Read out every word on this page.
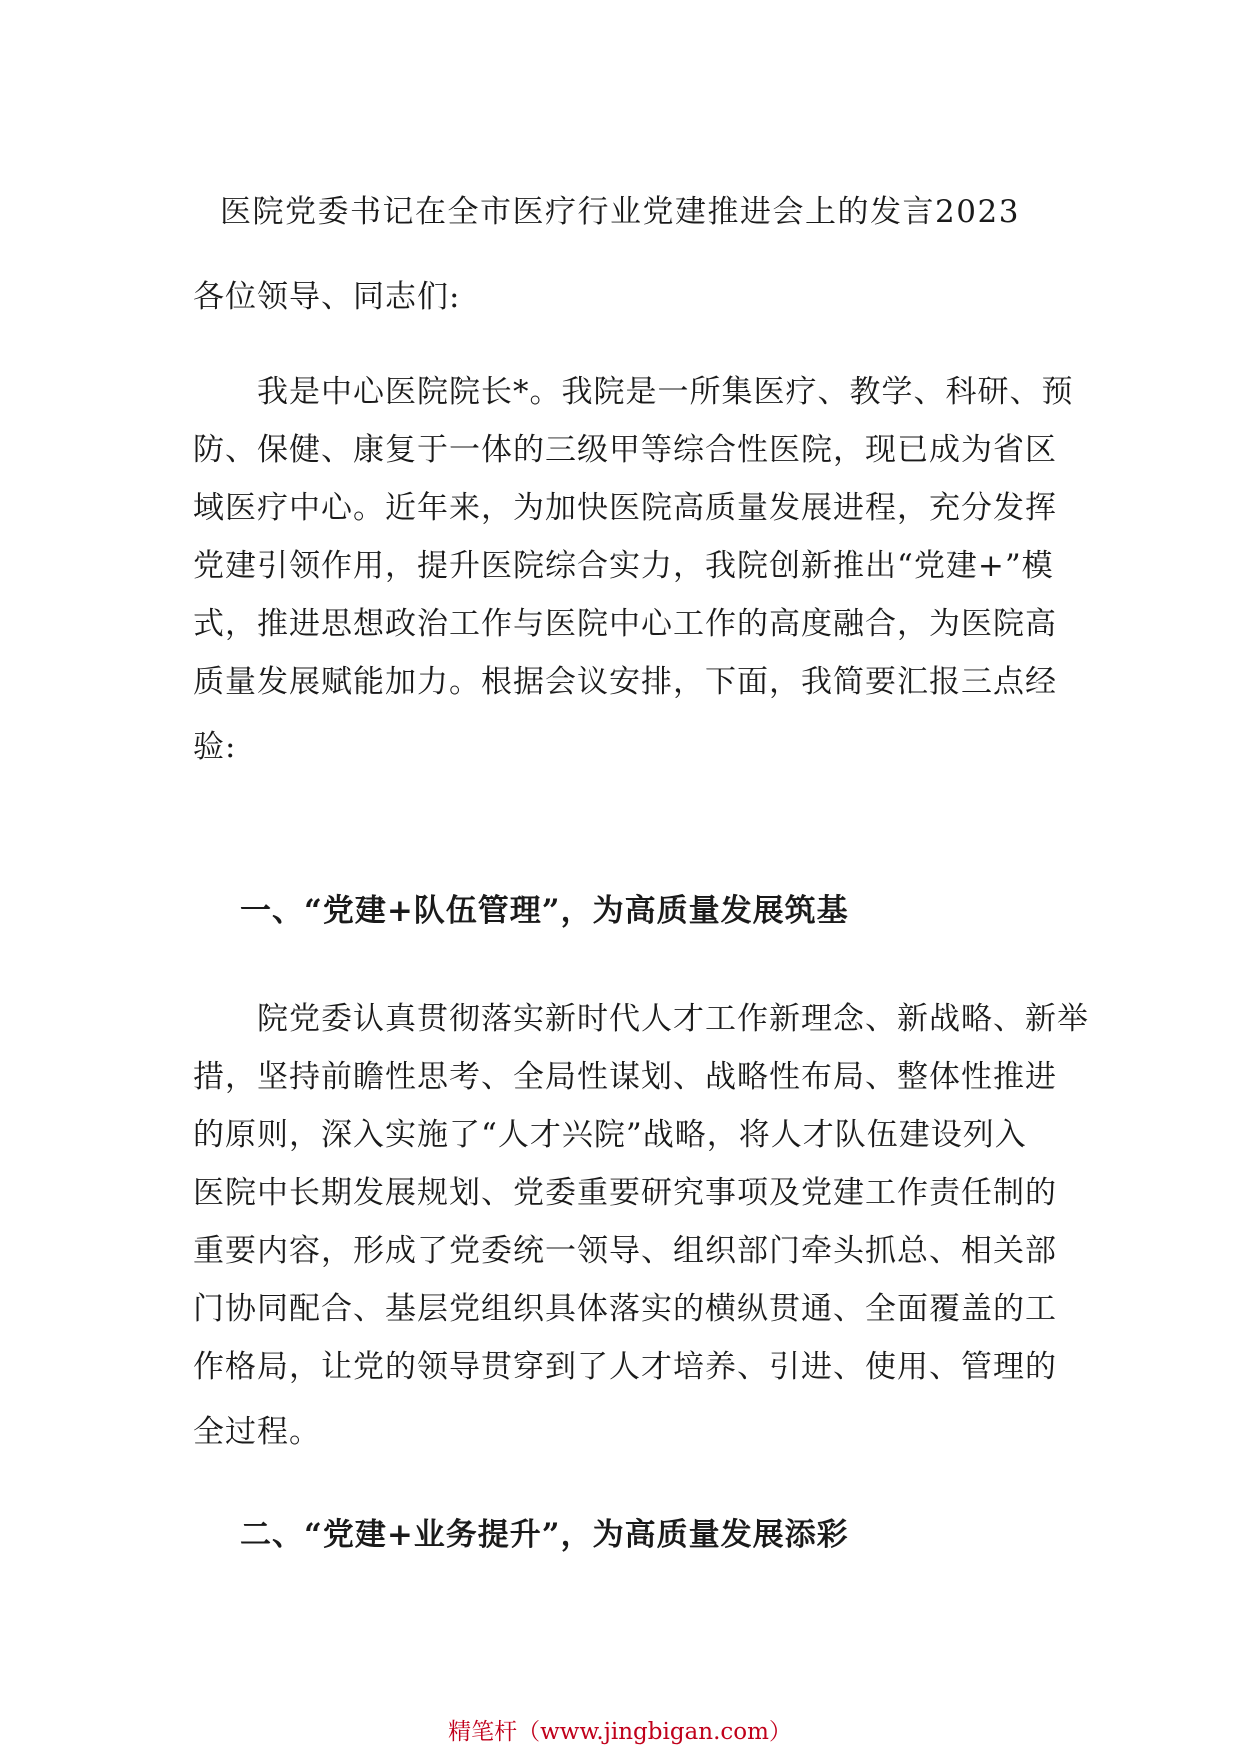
医院党委书记在全市医疗行业党建推进会上的发言2023
各位领导、同志们:
　　我是中心医院院长*。我院是一所集医疗、教学、科研、预
防、保健、康复于一体的三级甲等综合性医院，现已成为省区
域医疗中心。近年来，为加快医院高质量发展进程，充分发挥
党建引领作用，提升医院综合实力，我院创新推出“党建+”模
式，推进思想政治工作与医院中心工作的高度融合，为医院高
质量发展赋能加力。根据会议安排，下面，我简要汇报三点经
验:
一、“党建+队伍管理”，为高质量发展筑基
　　院党委认真贯彻落实新时代人才工作新理念、新战略、新举
措，坚持前瞻性思考、全局性谋划、战略性布局、整体性推进
的原则，深入实施了“人才兴院”战略，将人才队伍建设列入
医院中长期发展规划、党委重要研究事项及党建工作责任制的
重要内容，形成了党委统一领导、组织部门牵头抓总、相关部
门协同配合、基层党组织具体落实的横纵贯通、全面覆盖的工
作格局，让党的领导贯穿到了人才培养、引进、使用、管理的
全过程。
二、“党建+业务提升”，为高质量发展添彩
精笔杆（www.jingbigan.com）
